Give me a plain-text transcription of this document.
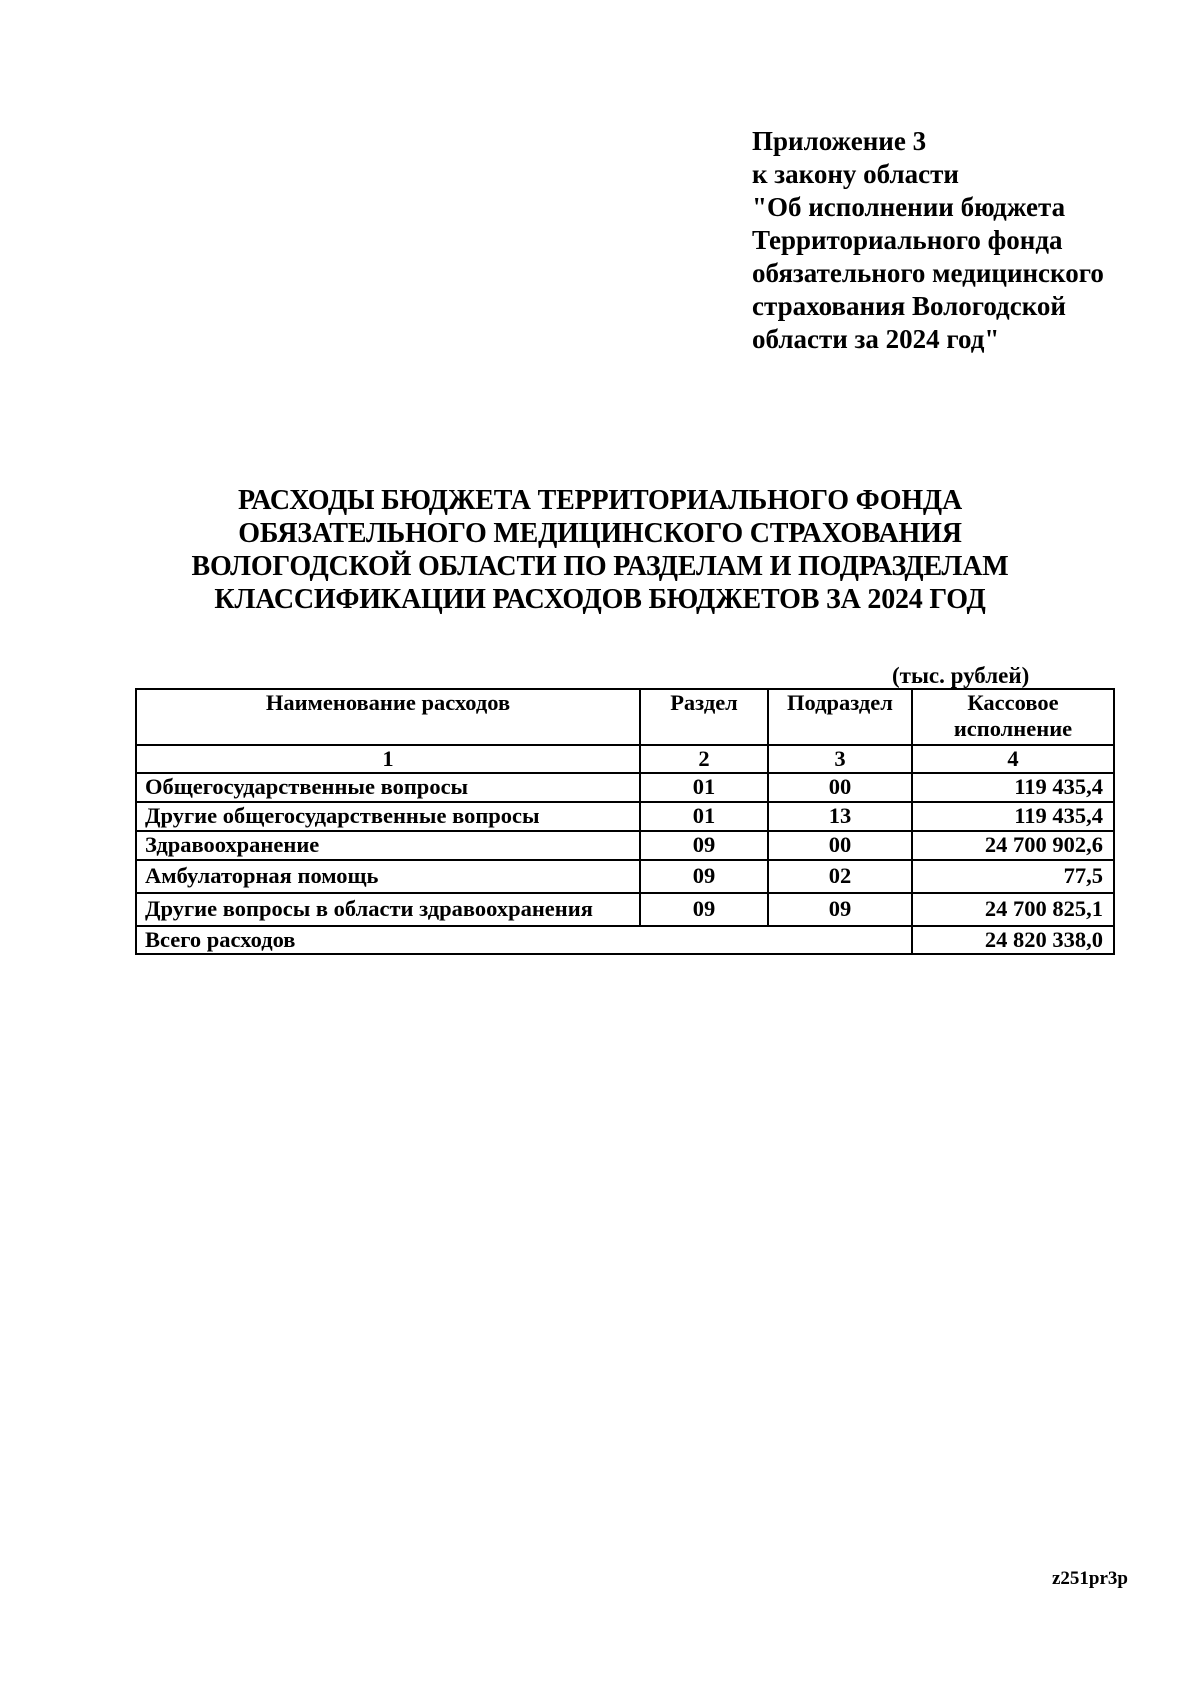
Приложение 3
к закону области
"Об исполнении бюджета
Территориального фонда
обязательного медицинского
страхования Вологодской
области за 2024 год"
РАСХОДЫ БЮДЖЕТА ТЕРРИТОРИАЛЬНОГО ФОНДА
ОБЯЗАТЕЛЬНОГО МЕДИЦИНСКОГО СТРАХОВАНИЯ
ВОЛОГОДСКОЙ ОБЛАСТИ ПО РАЗДЕЛАМ И ПОДРАЗДЕЛАМ
КЛАССИФИКАЦИИ РАСХОДОВ БЮДЖЕТОВ ЗА 2024 ГОД
(тыс. рублей)
Наименование расходов	Раздел	Подраздел	Кассовое
исполнение

1	2	3	4
Общегосударственные вопросы	01	00	119 435,4
Другие общегосударственные вопросы	01	13	119 435,4
Здравоохранение	09	00	24 700 902,6
Амбулаторная помощь	09	02	77,5
Другие вопросы в области здравоохранения	09	09	24 700 825,1
Всего расходов			24 820 338,0
z251pr3p
